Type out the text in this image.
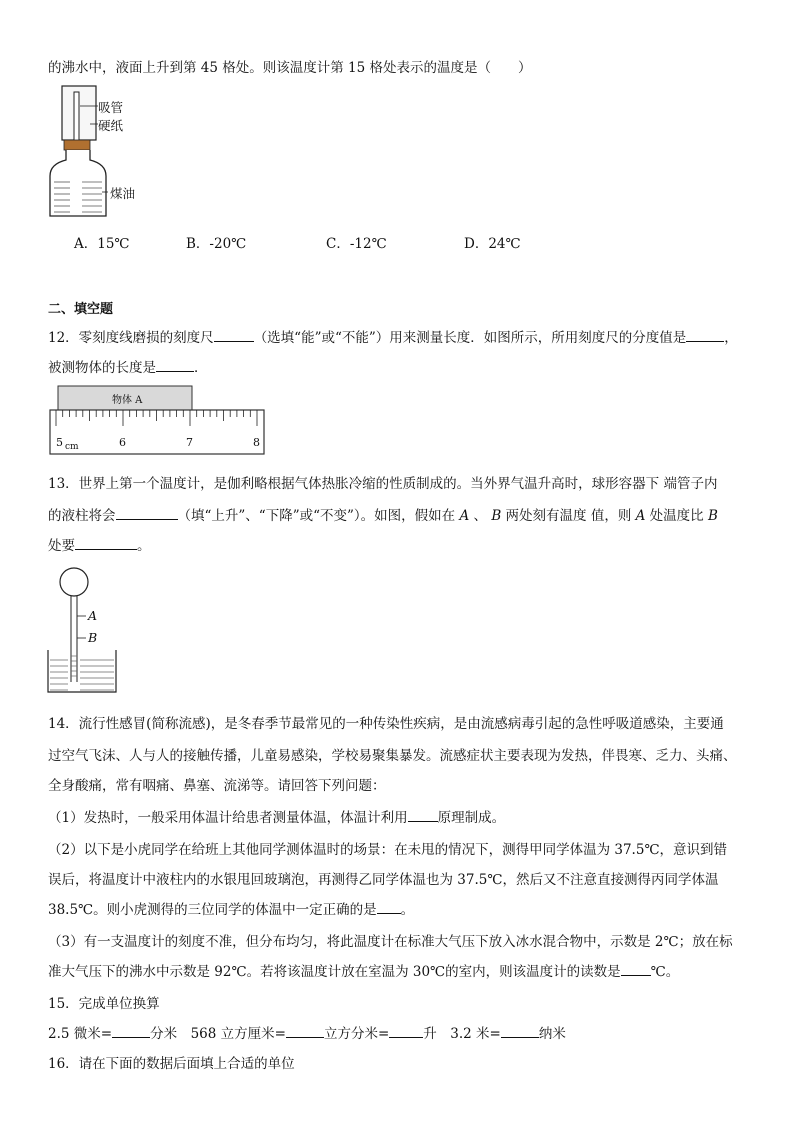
的沸水中，液面上升到第 45 格处。则该温度计第 15 格处表示的温度是（　　）
吸管
硬纸
煤油
A．15℃	B．-20℃	C．-12℃	D．24℃
二、填空题
12．零刻度线磨损的刻度尺	（选填“能”或“不能”）用来测量长度．如图所示，所用刻度尺的分度值是	，
被测物体的长度是	．
物体 A
5 cm	6	7	8
13．世界上第一个温度计，是伽利略根据气体热胀冷缩的性质制成的。当外界气温升高时，球形容器下 端管子内
的液柱将会	（填“上升”、“下降”或“不变”）。如图，假如在 A 、 B 两处刻有温度 值，则 A 处温度比 B
处要	。
A
B
14．流行性感冒(简称流感)，是冬春季节最常见的一种传染性疾病，是由流感病毒引起的急性呼吸道感染，主要通
过空气飞沫、人与人的接触传播，儿童易感染，学校易聚集暴发。流感症状主要表现为发热，伴畏寒、乏力、头痛、
全身酸痛，常有咽痛、鼻塞、流涕等。请回答下列问题：
（1）发热时，一般采用体温计给患者测量体温，体温计利用 原理制成。
（2）以下是小虎同学在给班上其他同学测体温时的场景：在未甩的情况下，测得甲同学体温为 37.5℃，意识到错
误后，将温度计中液柱内的水银甩回玻璃泡，再测得乙同学体温也为 37.5℃，然后又不注意直接测得丙同学体温
38.5℃。则小虎测得的三位同学的体温中一定正确的是 。
（3）有一支温度计的刻度不准，但分布均匀，将此温度计在标准大气压下放入冰水混合物中，示数是 2℃；放在标
准大气压下的沸水中示数是 92℃。若将该温度计放在室温为 30℃的室内，则该温度计的读数是 ℃。
15．完成单位换算
2.5 微米=	分米　568 立方厘米=	立方分米=	升　3.2 米=	纳米
16．请在下面的数据后面填上合适的单位
